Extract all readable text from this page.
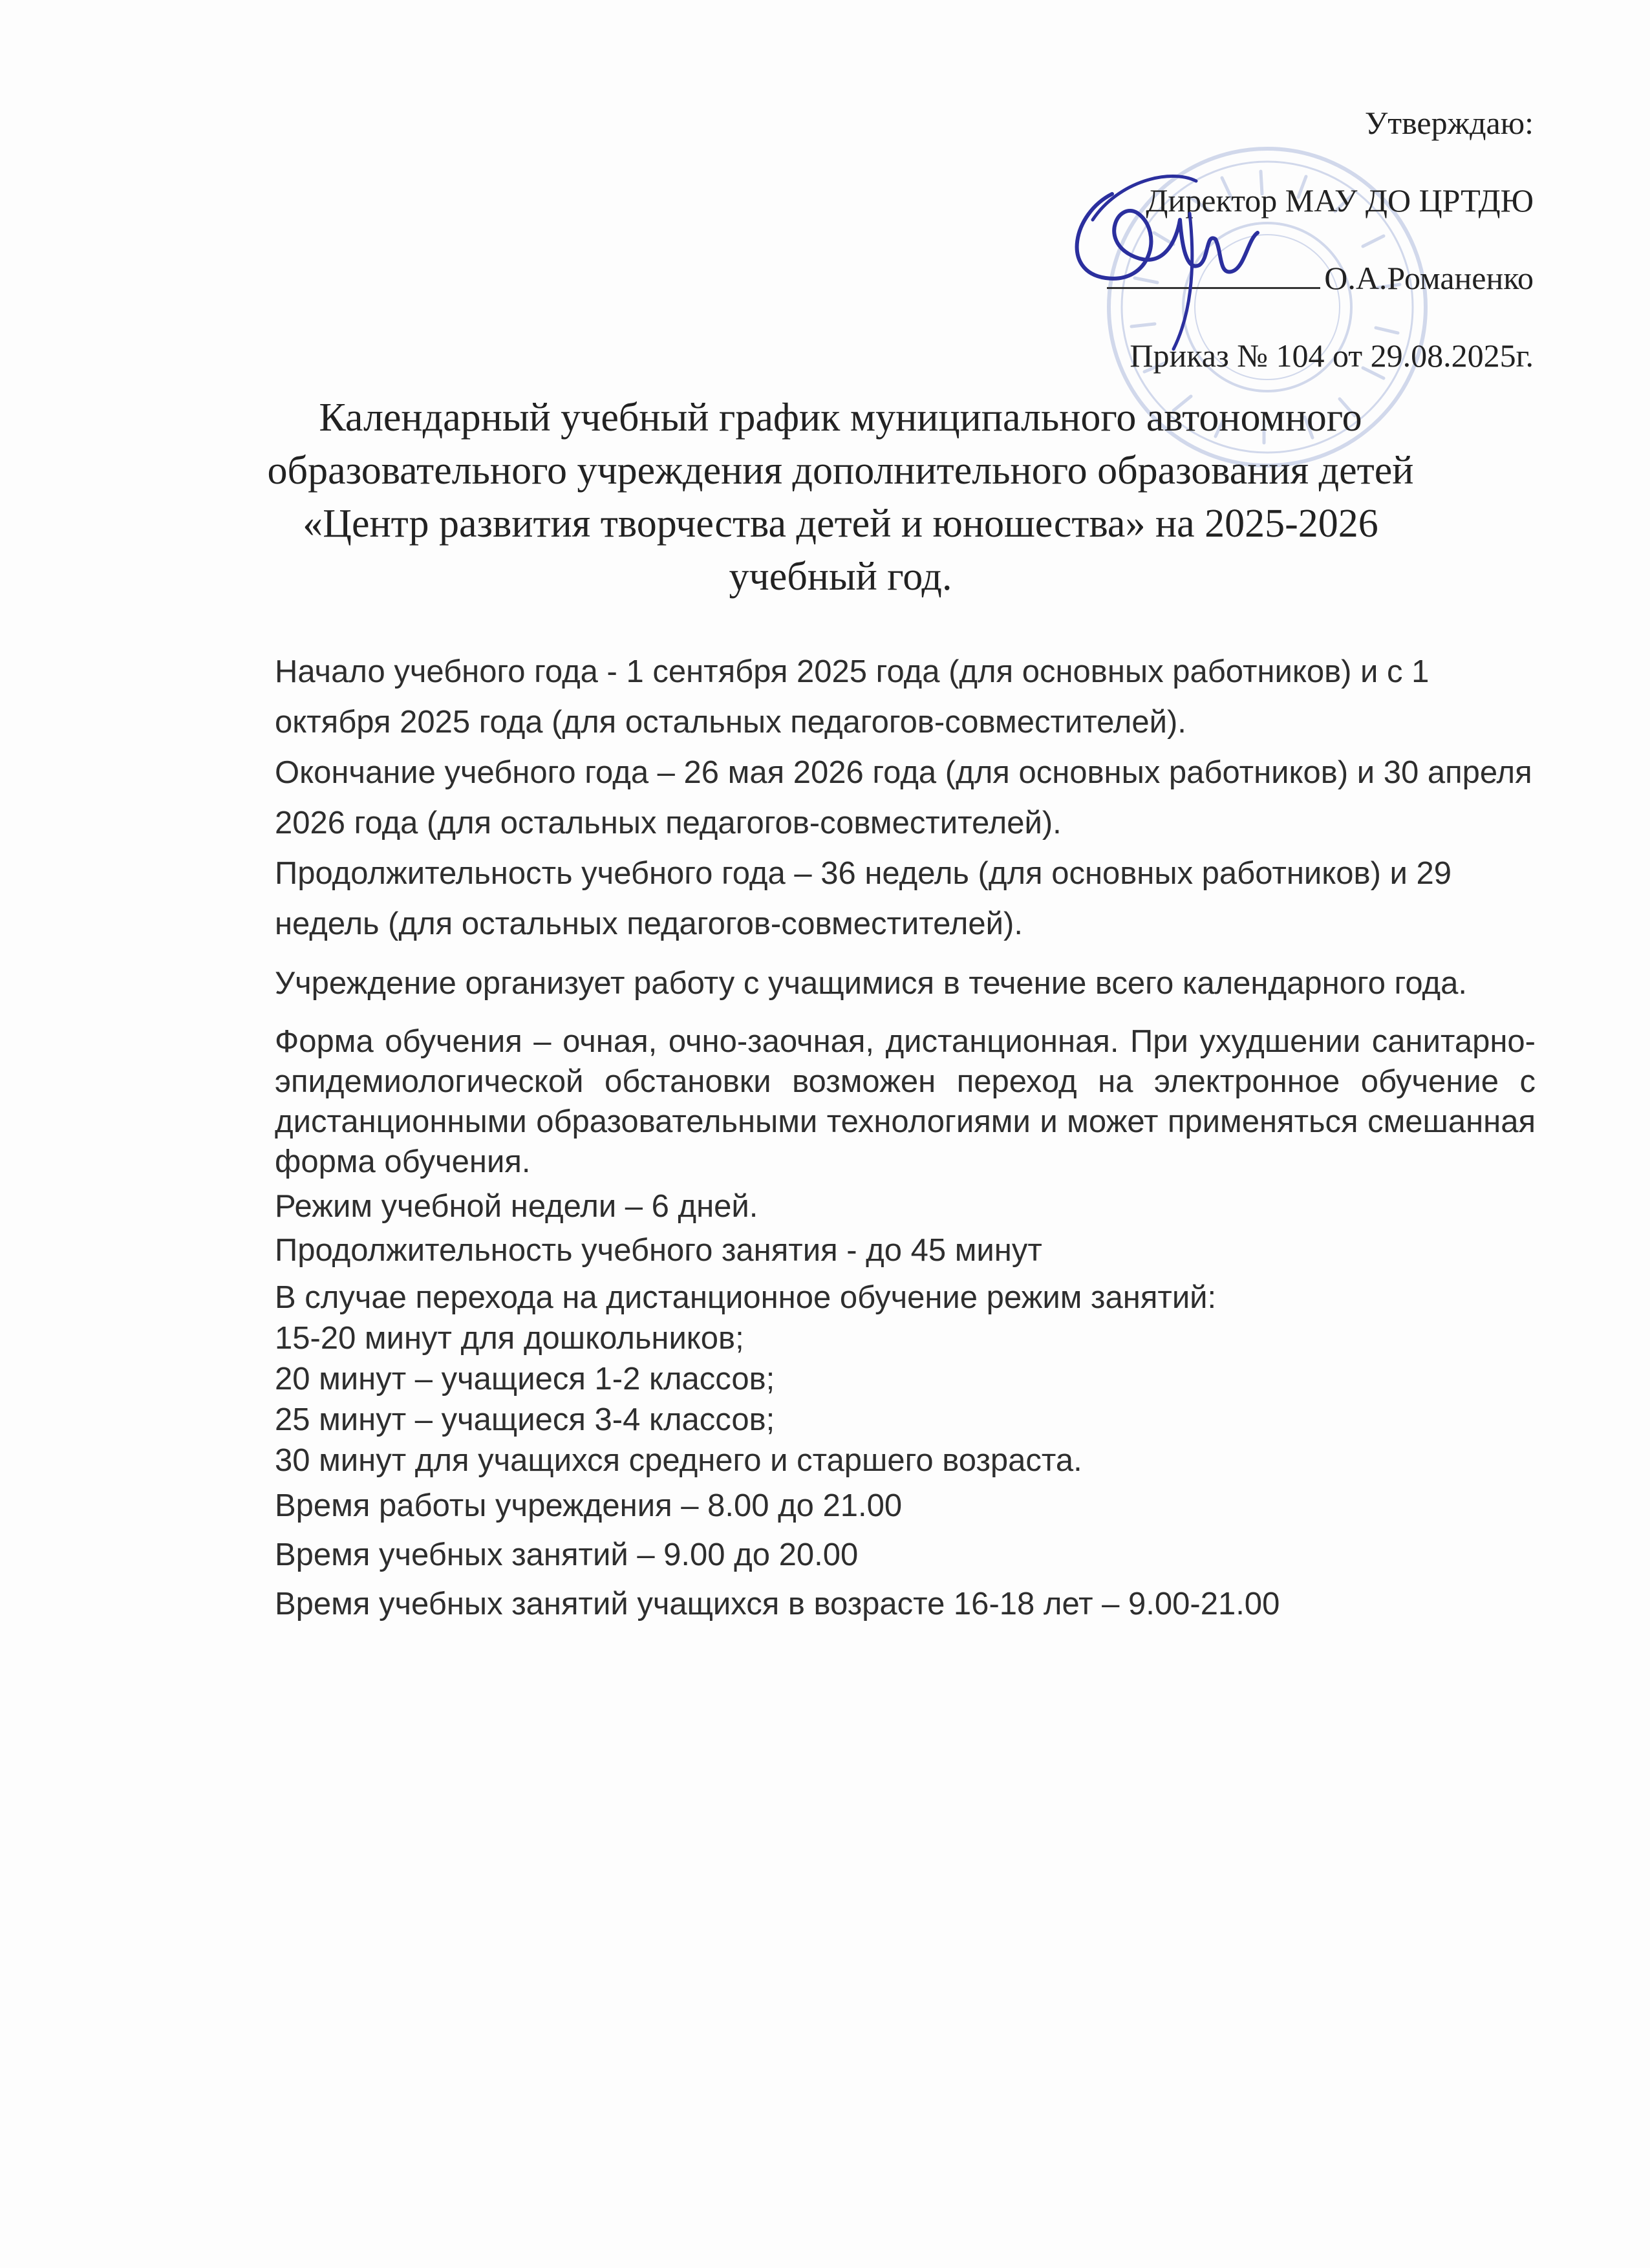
Утверждаю:
Директор МАУ ДО ЦРТДЮ
О.А.Романенко
Приказ № 104 от 29.08.2025г.
Календарный учебный график муниципального автономного
образовательного учреждения дополнительного образования детей
«Центр развития творчества детей и юношества» на 2025-2026
учебный год.

Начало учебного года - 1 сентября 2025 года (для основных работников) и с 1 октября 2025 года (для остальных педагогов-совместителей).

Окончание учебного года – 26 мая 2026 года (для основных работников) и 30 апреля 2026 года (для остальных педагогов-совместителей).

Продолжительность учебного года – 36 недель (для основных работников) и 29 недель (для остальных педагогов-совместителей).

Учреждение организует работу с учащимися в течение всего календарного года.

Форма обучения – очная, очно-заочная, дистанционная. При ухудшении санитарно-эпидемиологической обстановки возможен переход на электронное обучение с дистанционными образовательными технологиями и может применяться смешанная форма обучения.

Режим учебной недели – 6 дней.

Продолжительность учебного занятия - до 45 минут

В случае перехода на дистанционное обучение режим занятий:
15-20 минут для дошкольников;
20 минут – учащиеся 1-2 классов;
25 минут – учащиеся 3-4 классов;
30 минут для учащихся среднего и старшего возраста.

Время работы учреждения – 8.00 до 21.00

Время учебных занятий – 9.00 до 20.00

Время учебных занятий учащихся в возрасте 16-18 лет – 9.00-21.00
